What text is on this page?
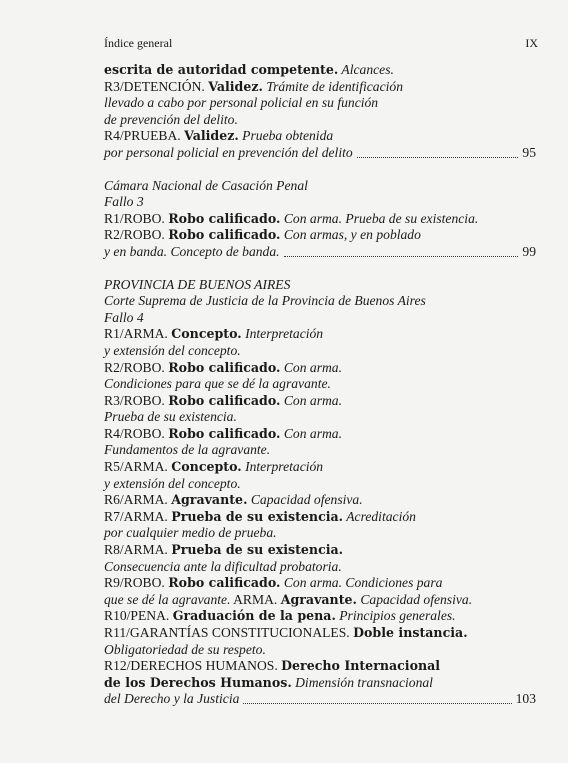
Índice general	IX
escrita de autoridad competente. Alcances.
R3/DETENCIÓN. Validez. Trámite de identificación
llevado a cabo por personal policial en su función
de prevención del delito.
R4/PRUEBA. Validez. Prueba obtenida
por personal policial en prevención del delito	95
Cámara Nacional de Casación Penal
Fallo 3
R1/ROBO. Robo calificado. Con arma. Prueba de su existencia.
R2/ROBO. Robo calificado. Con armas, y en poblado
y en banda. Concepto de banda.	99
PROVINCIA DE BUENOS AIRES
Corte Suprema de Justicia de la Provincia de Buenos Aires
Fallo 4
R1/ARMA. Concepto. Interpretación
y extensión del concepto.
R2/ROBO. Robo calificado. Con arma.
Condiciones para que se dé la agravante.
R3/ROBO. Robo calificado. Con arma.
Prueba de su existencia.
R4/ROBO. Robo calificado. Con arma.
Fundamentos de la agravante.
R5/ARMA. Concepto. Interpretación
y extensión del concepto.
R6/ARMA. Agravante. Capacidad ofensiva.
R7/ARMA. Prueba de su existencia. Acreditación
por cualquier medio de prueba.
R8/ARMA. Prueba de su existencia.
Consecuencia ante la dificultad probatoria.
R9/ROBO. Robo calificado. Con arma. Condiciones para
que se dé la agravante. ARMA. Agravante. Capacidad ofensiva.
R10/PENA. Graduación de la pena. Principios generales.
R11/GARANTÍAS CONSTITUCIONALES. Doble instancia.
Obligatoriedad de su respeto.
R12/DERECHOS HUMANOS. Derecho Internacional
de los Derechos Humanos. Dimensión transnacional
del Derecho y la Justicia	103
